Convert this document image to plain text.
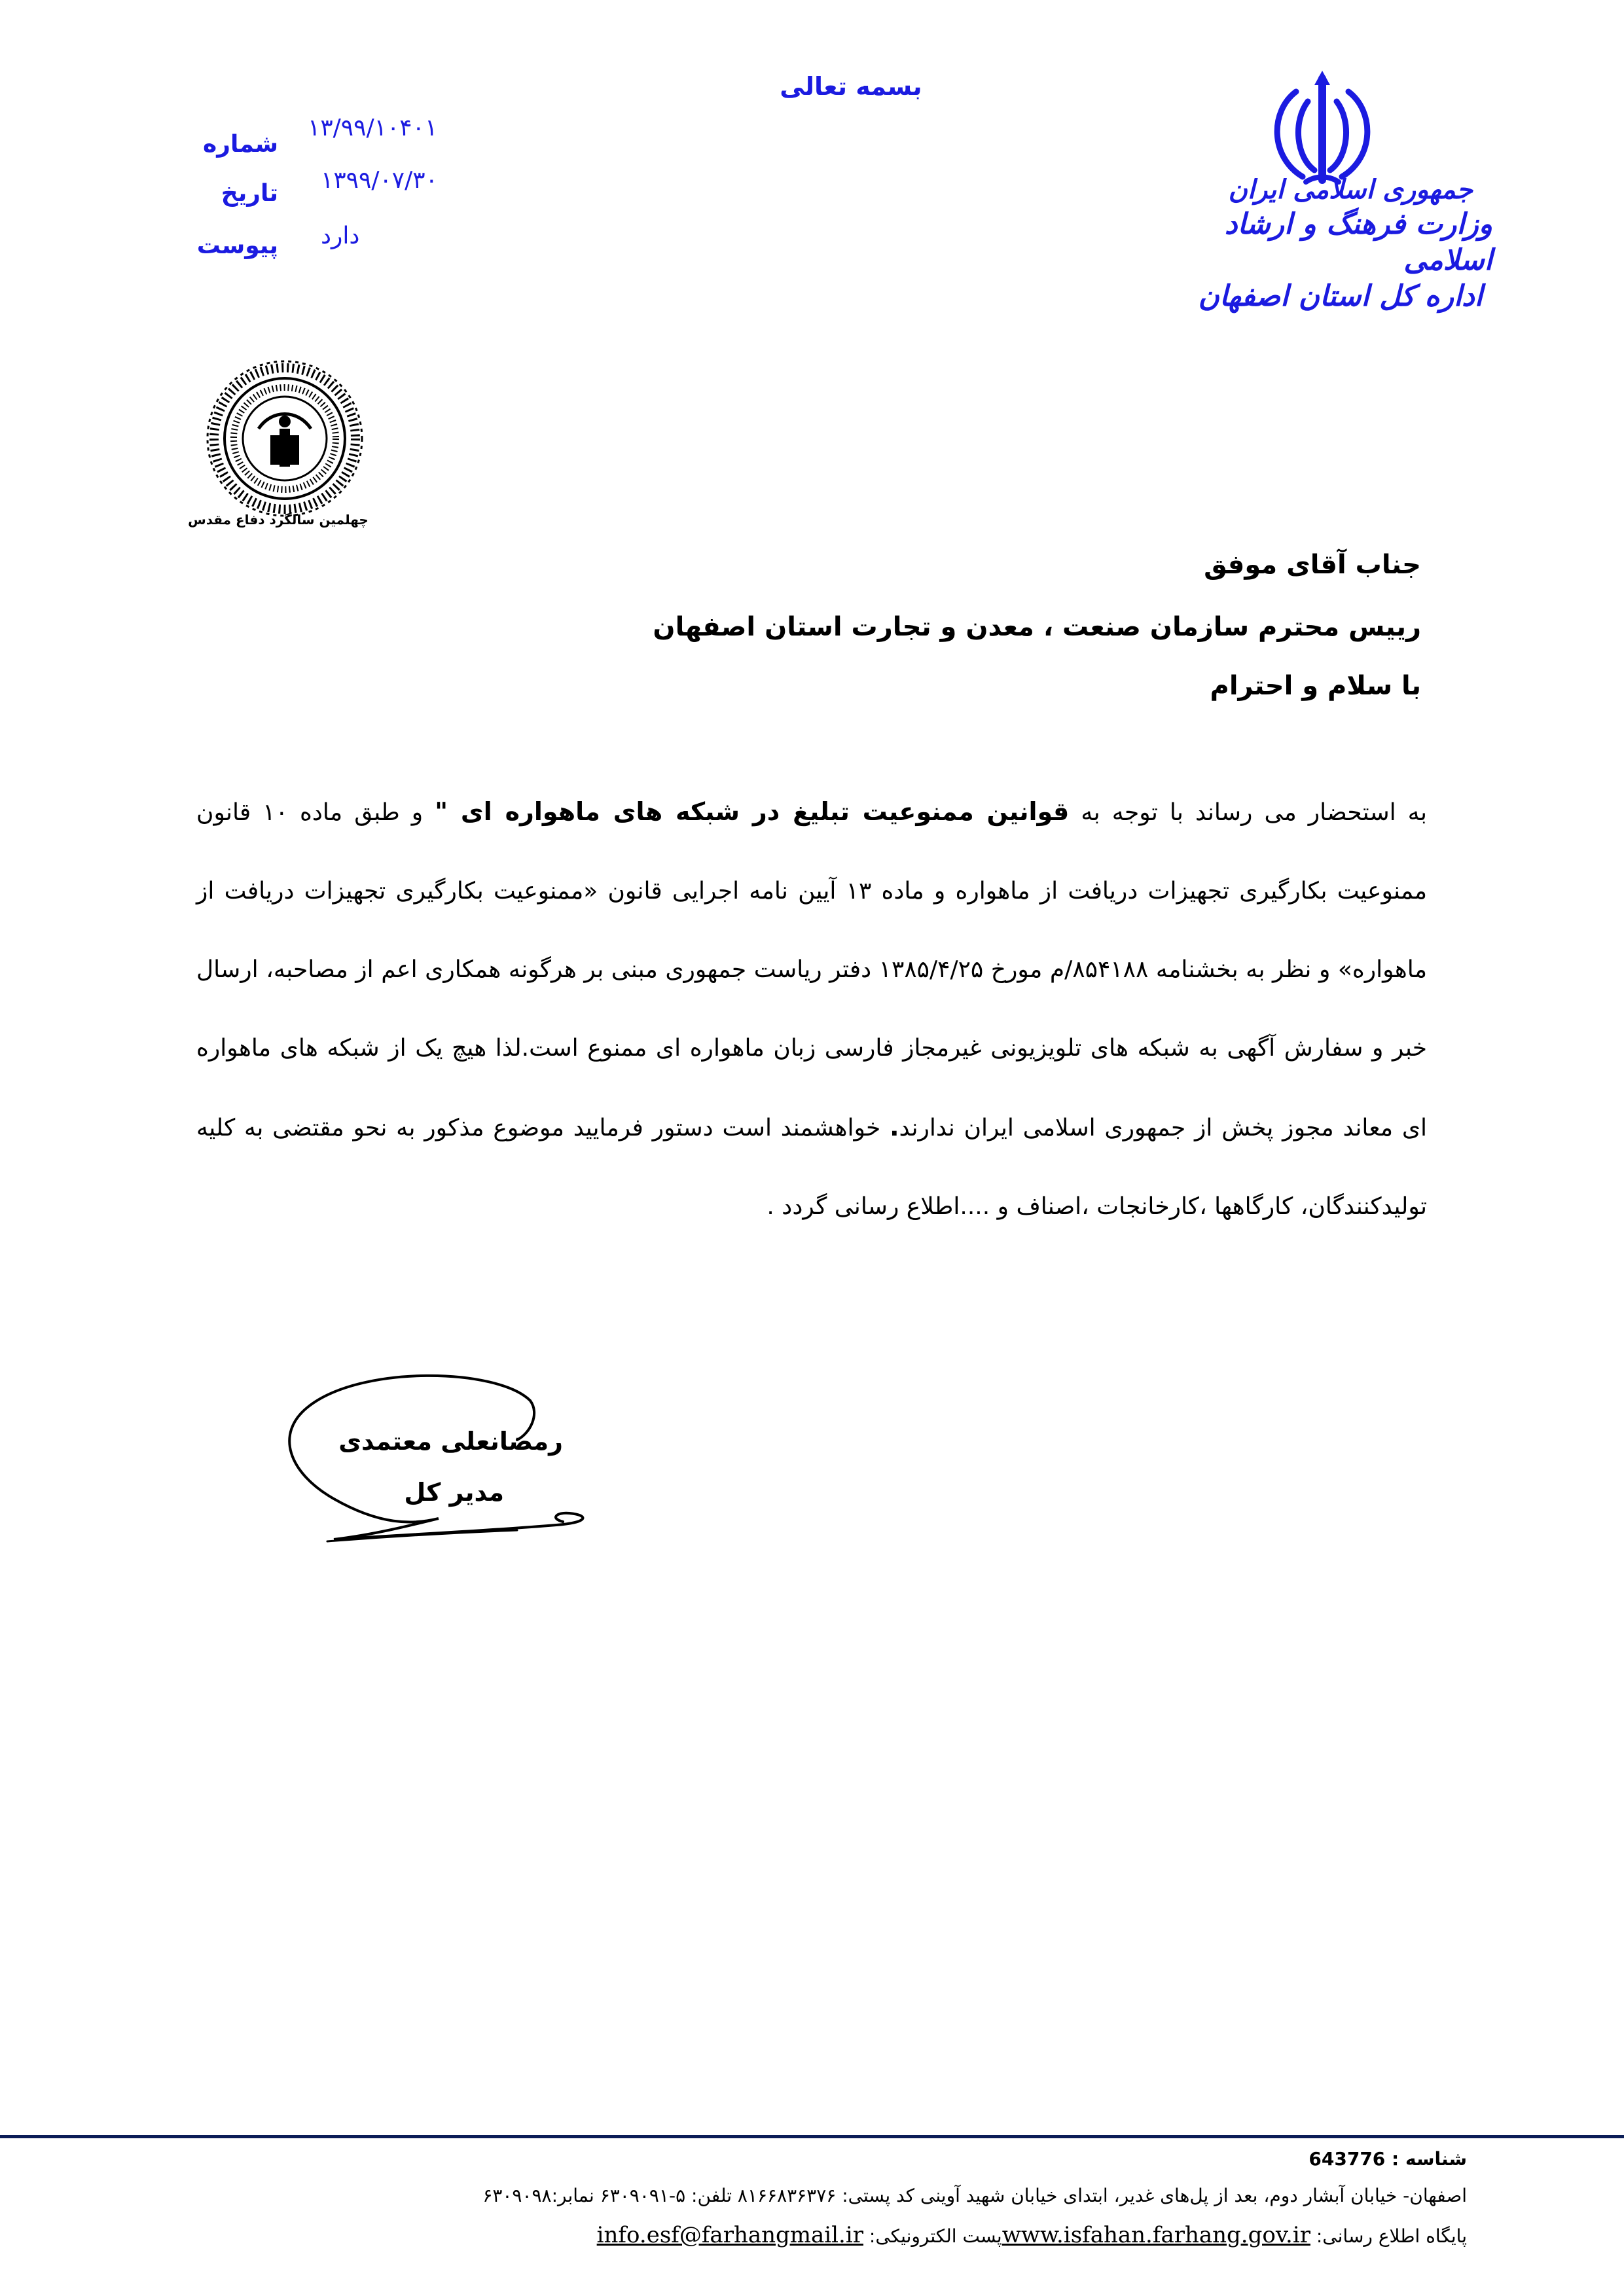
بسمه تعالی
جمهوری اسلامی ایران
وزارت فرهنگ و ارشاد اسلامی
اداره کل استان اصفهان
شماره
۱۳/۹۹/۱۰۴۰۱
تاریخ ۱۳۹۹/۰۷/۳۰
پیوست دارد
چهلمین سالگرد دفاع مقدس
جناب آقای موفق
رییس محترم سازمان صنعت ، معدن و تجارت استان اصفهان
با سلام و احترام
به استحضار می رساند با توجه به قوانین ممنوعیت تبلیغ در شبکه های ماهواره ای " و طبق ماده ۱۰ قانون ممنوعیت بکارگیری تجهیزات دریافت از ماهواره و ماده ۱۳ آیین نامه اجرایی قانون «ممنوعیت بکارگیری تجهیزات دریافت از ماهواره» و نظر به بخشنامه ۸۵۴۱۸۸/م مورخ ۱۳۸۵/۴/۲۵ دفتر ریاست جمهوری مبنی بر هرگونه همکاری اعم از مصاحبه، ارسال خبر و سفارش آگهی به شبکه های تلویزیونی غیرمجاز فارسی زبان ماهواره ای ممنوع است.لذا هیچ یک از شبکه های ماهواره ای معاند مجوز پخش از جمهوری اسلامی ایران ندارند. خواهشمند است دستور فرمایید موضوع مذکور به نحو مقتضی به کلیه تولیدکنندگان، کارگاهها ،کارخانجات ،اصناف و ....اطلاع رسانی گردد .
رمضانعلی معتمدی
مدیر کل
شناسه : 643776
اصفهان- خیابان آبشار دوم، بعد از پل‌های غدیر، ابتدای خیابان شهید آوینی کد پستی: ۸۱۶۶۸۳۶۳۷۶ تلفن: ۵-۶۳۰۹۰۹۱ نمابر:۶۳۰۹۰۹۸
پایگاه اطلاع رسانی: www.isfahan.farhang.gov.irپست الکترونیکی: info.esf@farhangmail.ir
